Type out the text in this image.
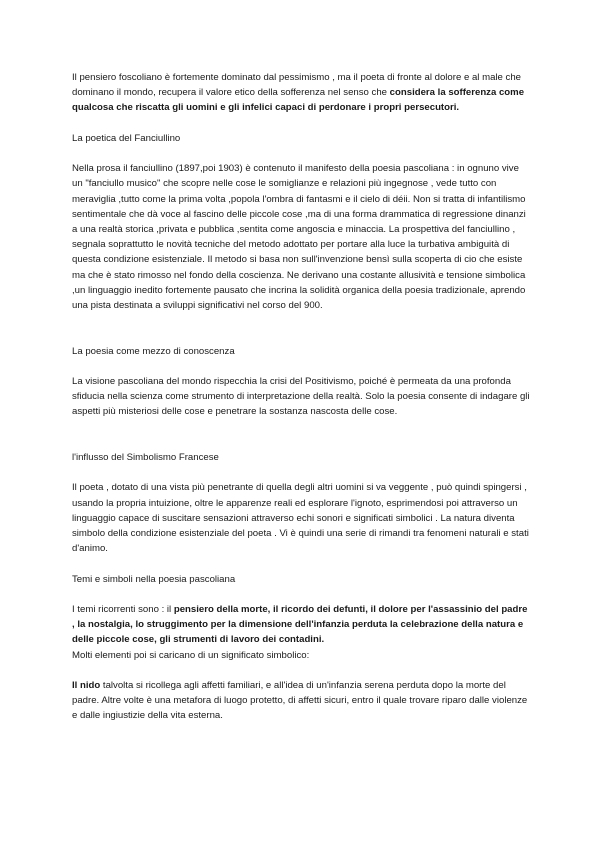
Il pensiero foscoliano è fortemente dominato dal pessimismo , ma il poeta di fronte al dolore e al male che dominano il mondo, recupera il valore etico della sofferenza nel senso che considera la sofferenza come qualcosa che riscatta gli uomini e gli infelici capaci di perdonare i propri persecutori.

La poetica del Fanciullino

Nella prosa il fanciullino (1897,poi 1903) è contenuto il manifesto della poesia pascoliana : in ognuno vive un "fanciullo musico" che scopre nelle cose le somiglianze e relazioni più ingegnose , vede tutto con meraviglia ,tutto come la prima volta ,popola l'ombra di fantasmi e il cielo di déii. Non si tratta di infantilismo sentimentale che dà voce al fascino delle piccole cose ,ma di una forma drammatica di regressione dinanzi a una realtà storica ,privata e pubblica ,sentita come angoscia e minaccia. La prospettiva del fanciullino , segnala soprattutto le novità tecniche del metodo adottato per portare alla luce la turbativa ambiguità di questa condizione esistenziale. Il metodo si basa non sull'invenzione bensì sulla scoperta di cio che esiste ma che è stato rimosso nel fondo della coscienza. Ne derivano una costante allusività e tensione simbolica ,un linguaggio inedito fortemente pausato che incrina la solidità organica della poesia tradizionale, aprendo una pista destinata a sviluppi significativi nel corso del 900.

La poesia come mezzo di conoscenza

La visione pascoliana del mondo rispecchia la crisi del Positivismo, poiché è permeata da una profonda sfiducia nella scienza come strumento di interpretazione della realtà. Solo la poesia consente di indagare gli aspetti più misteriosi delle cose e penetrare la sostanza nascosta delle cose.

l'influsso del Simbolismo Francese

Il poeta , dotato di una vista più penetrante di quella degli altri uomini si va veggente , può quindi spingersi , usando la propria intuizione, oltre le apparenze reali ed esplorare l'ignoto, esprimendosi poi attraverso un linguaggio capace di suscitare sensazioni attraverso echi sonori e significati simbolici . La natura diventa simbolo della condizione esistenziale del poeta . Vi è quindi una serie di rimandi tra fenomeni naturali e stati d'animo.

Temi e simboli nella poesia pascoliana

I temi ricorrenti sono : il pensiero della morte, il ricordo dei defunti, il dolore per l'assassinio del padre , la nostalgia, lo struggimento per la dimensione dell'infanzia perduta la celebrazione della natura e delle piccole cose, gli strumenti di lavoro dei contadini.

Molti elementi poi si caricano di un significato simbolico:

Il nido talvolta si ricollega agli affetti familiari, e all'idea di un'infanzia serena perduta dopo la morte del padre. Altre volte è una metafora di luogo protetto, di affetti sicuri, entro il quale trovare riparo dalle violenze e dalle ingiustizie della vita esterna.
